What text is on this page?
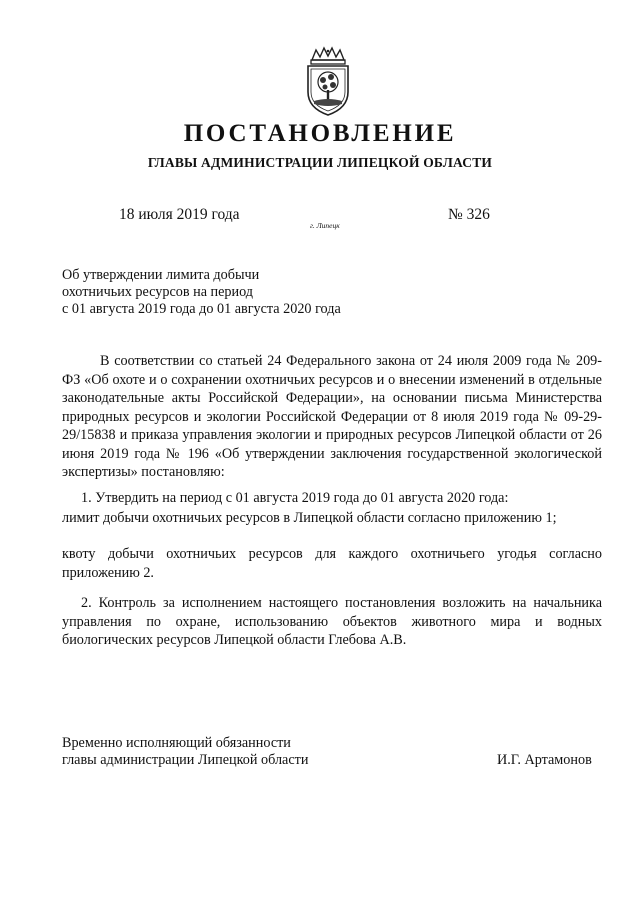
ПОСТАНОВЛЕНИЕ
ГЛАВЫ АДМИНИСТРАЦИИ ЛИПЕЦКОЙ ОБЛАСТИ
18 июля 2019 года
г. Липецк
№ 326
Об утверждении лимита добычи
охотничьих ресурсов на период
с 01 августа 2019 года до 01 августа 2020 года
В соответствии со статьей 24 Федерального закона от 24 июля 2009 года № 209-ФЗ «Об охоте и о сохранении охотничьих ресурсов и о внесении изменений в отдельные законодательные акты Российской Федерации», на основании письма Министерства природных ресурсов и экологии Российской Федерации от 8 июля 2019 года № 09-29-29/15838 и приказа управления экологии и природных ресурсов Липецкой области от 26 июня 2019 года № 196 «Об утверждении заключения государственной экологической экспертизы» постановляю:
1. Утвердить на период с 01 августа 2019 года до 01 августа 2020 года:
лимит добычи охотничьих ресурсов в Липецкой области согласно приложению 1;
квоту добычи охотничьих ресурсов для каждого охотничьего угодья согласно приложению 2.
2. Контроль за исполнением настоящего постановления возложить на начальника управления по охране, использованию объектов животного мира и водных биологических ресурсов Липецкой области Глебова А.В.
Временно исполняющий обязанности
главы администрации Липецкой области	И.Г. Артамонов
